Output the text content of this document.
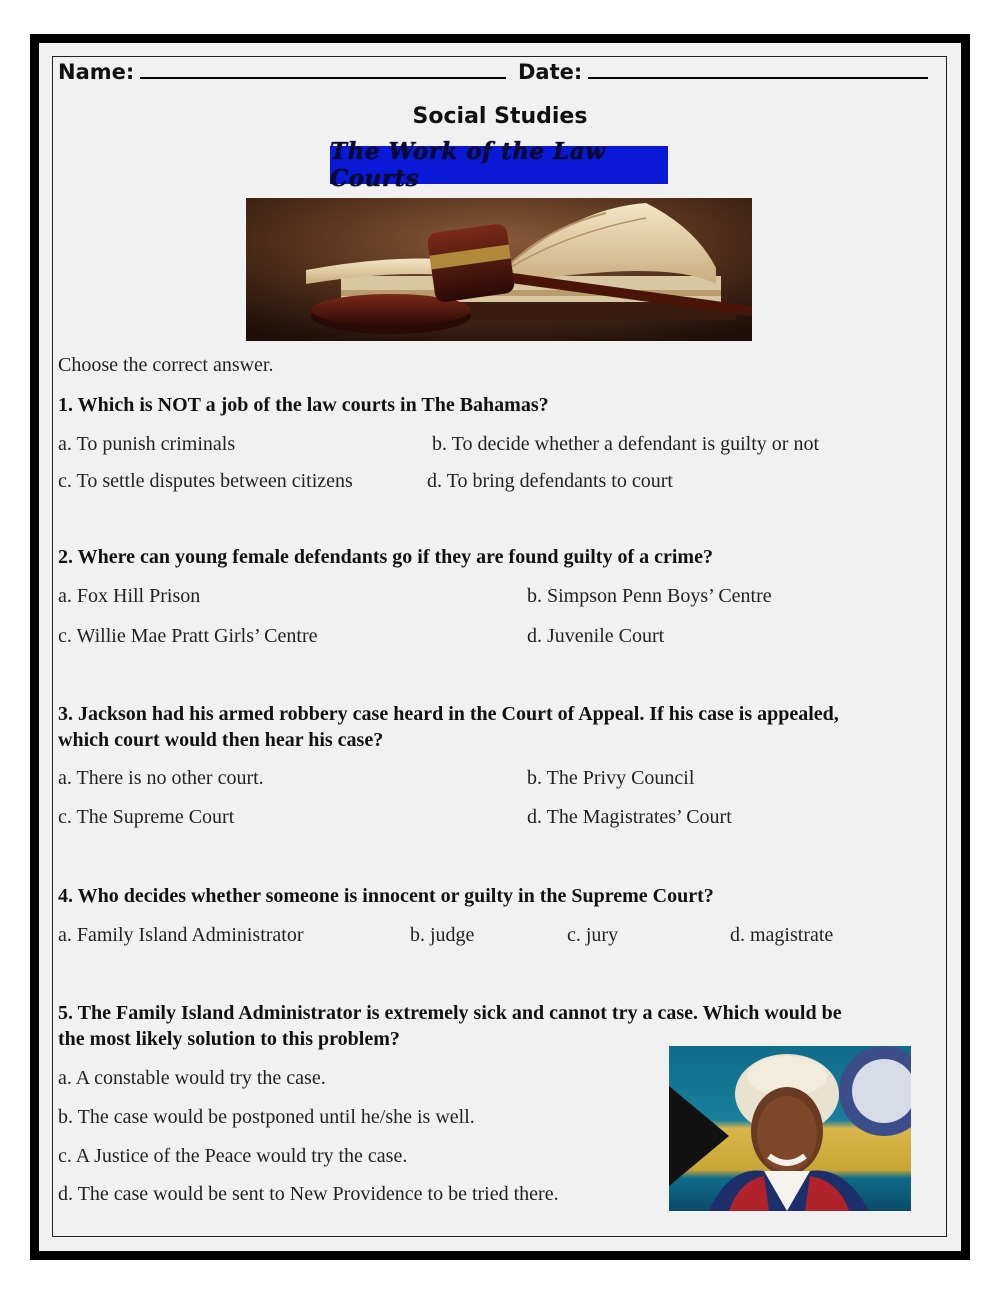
Name:	Date:
Social Studies
The Work of the Law Courts
Choose the correct answer.
1. Which is NOT a job of the law courts in The Bahamas?
a. To punish criminals	b. To decide whether a defendant is guilty or not
c. To settle disputes between citizens	d. To bring defendants to court
2. Where can young female defendants go if they are found guilty of a crime?
a. Fox Hill Prison	b. Simpson Penn Boys’ Centre
c. Willie Mae Pratt Girls’ Centre	d. Juvenile Court
3. Jackson had his armed robbery case heard in the Court of Appeal. If his case is appealed,
which court would then hear his case?
a. There is no other court.	b. The Privy Council
c. The Supreme Court	d. The Magistrates’ Court
4. Who decides whether someone is innocent or guilty in the Supreme Court?
a. Family Island Administrator	b. judge	c. jury	d. magistrate
5. The Family Island Administrator is extremely sick and cannot try a case. Which would be
the most likely solution to this problem?
a. A constable would try the case.
b. The case would be postponed until he/she is well.
c. A Justice of the Peace would try the case.
d. The case would be sent to New Providence to be tried there.
